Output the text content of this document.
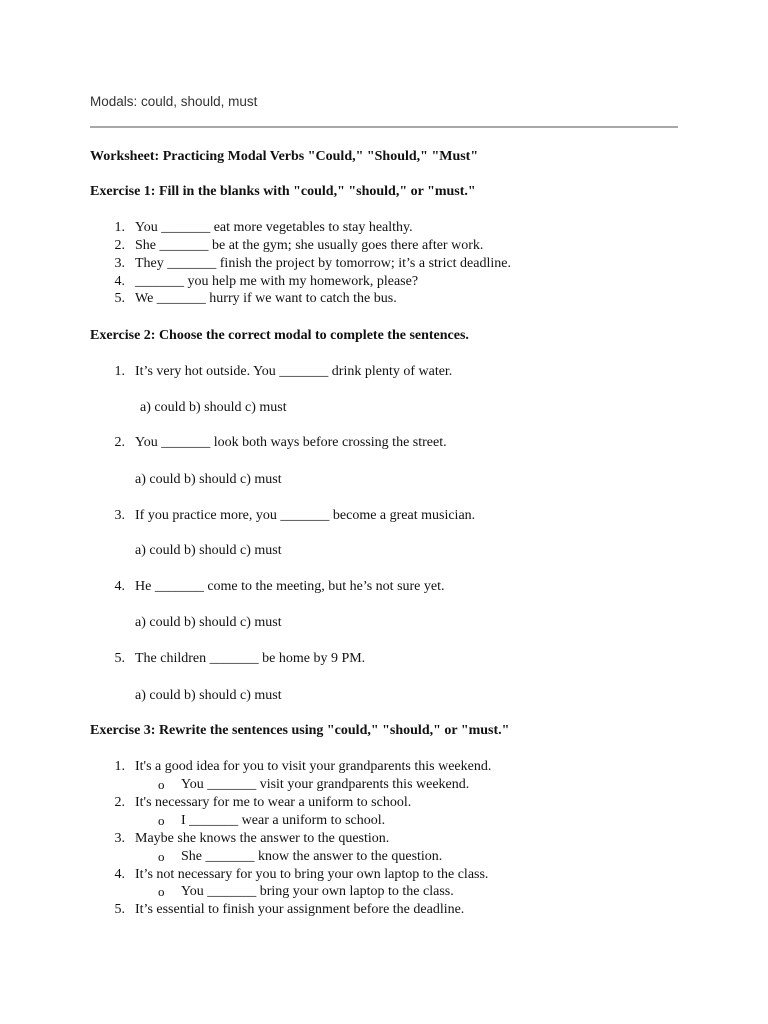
Modals: could, should, must
Worksheet: Practicing Modal Verbs "Could," "Should," "Must"
Exercise 1: Fill in the blanks with "could," "should," or "must."
1. You _______ eat more vegetables to stay healthy.
2. She _______ be at the gym; she usually goes there after work.
3. They _______ finish the project by tomorrow; it’s a strict deadline.
4. _______ you help me with my homework, please?
5. We _______ hurry if we want to catch the bus.
Exercise 2: Choose the correct modal to complete the sentences.
1. It’s very hot outside. You _______ drink plenty of water.
a) could b) should c) must
2. You _______ look both ways before crossing the street.
a) could b) should c) must
3. If you practice more, you _______ become a great musician.
a) could b) should c) must
4. He _______ come to the meeting, but he’s not sure yet.
a) could b) should c) must
5. The children _______ be home by 9 PM.
a) could b) should c) must
Exercise 3: Rewrite the sentences using "could," "should," or "must."
1. It's a good idea for you to visit your grandparents this weekend.
o You _______ visit your grandparents this weekend.
2. It's necessary for me to wear a uniform to school.
o I _______ wear a uniform to school.
3. Maybe she knows the answer to the question.
o She _______ know the answer to the question.
4. It’s not necessary for you to bring your own laptop to the class.
o You _______ bring your own laptop to the class.
5. It’s essential to finish your assignment before the deadline.
